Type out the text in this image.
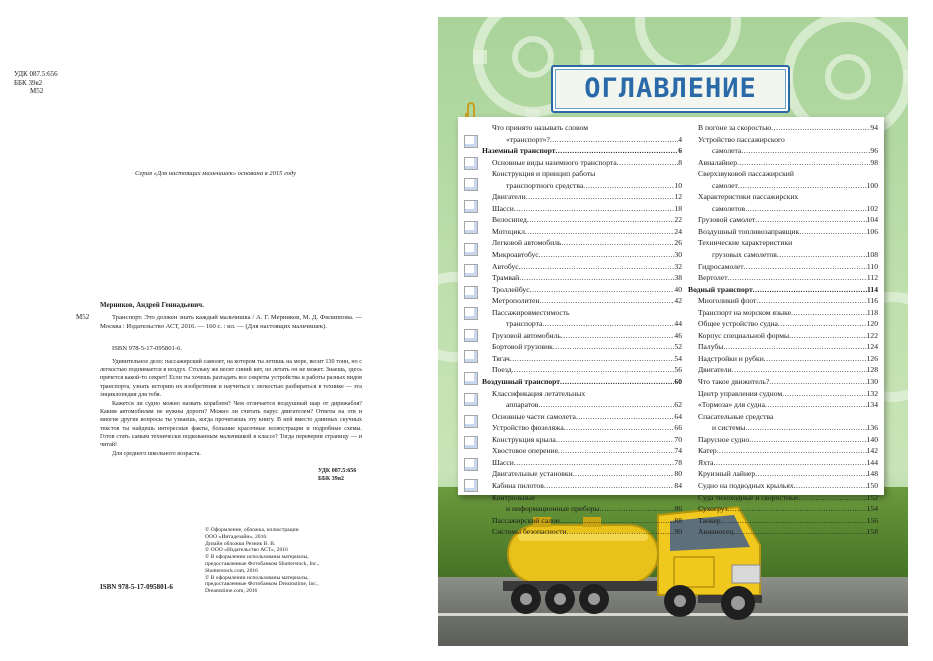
УДК 087.5:656
ББК 39я2
М52
Серия «Для настоящих мальчишек» основана в 2015 году
М52
Мерников, Андрей Геннадьевич.
Транспорт. Это должен знать каждый мальчишка / А. Г. Мерников, М. Д. Филиппова. — Москва : Издательство АСТ, 2016. — 160 с. : ил. — (Для настоящих мальчишек).
ISBN 978-5-17-095801-6.

Удивительное дело: пассажирский самолет, на котором ты летишь на море, весит 130 тонн, но с легкостью поднимается в воздух. Стольку же весит синий кит, но летать он не может. Знаешь, здесь прячется какой-то секрет! Если ты хочешь разгадать все секреты устройства и работы разных видов транспорта, узнать историю их изобретения и научиться с легкостью разбираться в технике — эта энциклопедия для тебя.

Кажется ли судно можно назвать кораблем? Чем отличается воздушный шар от дирижабля? Каким автомобилям не нужны дороги? Можно ли считать парус двигателем? Ответы на эти и многие другие вопросы ты узнаешь, когда прочитаешь эту книгу. В ней вместо длинных скучных текстов ты найдешь интересные факты, большие красочные иллюстрации и подробные схемы. Готов стать самым технически подкованным мальчишкой в классе? Тогда переверни страницу — и читай!

Для среднего школьного возраста.

УДК 087.5:656
ББК 39я2
© Оформление, обложка, иллюстрации
ООО «Интадезайн», 2016.
Дизайн обложки Резник В. В.
© ООО «Издательство АСТ», 2016
© В оформлении использованы материалы,
предоставленные Фотобанком Shutterstock, Inc.,
Shutterstock.com, 2016
© В оформлении использованы материалы,
предоставленные Фотобанком Dreamstime, Inc.,
Dreamstime.com, 2016
ISBN 978-5-17-095801-6
ОГЛАВЛЕНИЕ
Что принято называть словом
«транспорт»? .....	4
Наземный транспорт .....	6
Основные виды наземного транспорта .....	8
Конструкция и принцип работы
транспортного средства .....	10
Двигатели .....	12
Шасси .....	18
Велосипед .....	22
Мотоцикл .....	24
Легковой автомобиль .....	26
Микроавтобус .....	30
Автобус .....	32
Трамвай .....	38
Троллейбус .....	40
Метрополитен .....	42
Пассажировместимость
транспорта .....	44
Грузовой автомобиль .....	46
Бортовой грузовик .....	52
Тягач .....	54
Поезд .....	56
Воздушный транспорт .....	60
Классификация летательных
аппаратов .....	62
Основные части самолета .....	64
Устройство фюзеляжа .....	66
Конструкция крыла .....	70
Хвостовое оперение .....	74
Шасси .....	78
Двигательные установки .....	80
Кабина пилотов .....	84
Контрольные
и информационные приборы .....	86
Пассажирский салон .....	88
Системы безопасности .....	90
В погоне за скоростью .....	94
Устройство пассажирского
самолета .....	96
Авиалайнер .....	98
Сверхзвуковой пассажирский
самолет .....	100
Характеристики пассажирских
самолетов .....	102
Грузовой самолет .....	104
Воздушный топливозаправщик .....	106
Технические характеристики
грузовых самолетов .....	108
Гидросамолет .....	110
Вертолет .....	112
Водный транспорт .....	114
Многоликий флот .....	116
Транспорт на морском языке .....	118
Общее устройство судна .....	120
Корпус специальной формы .....	122
Палубы .....	124
Надстройки и рубки .....	126
Двигатели .....	128
Что такое движитель? .....	130
Центр управления судном .....	132
«Тормоза» для судна .....	134
Спасательные средства
и системы .....	136
Парусное судно .....	140
Катер .....	142
Яхта .....	144
Круизный лайнер .....	148
Судно на подводных крыльях .....	150
Суда тихоходные и скоростные .....	152
Сухогруз .....	154
Танкер .....	156
Авианосец .....	158
